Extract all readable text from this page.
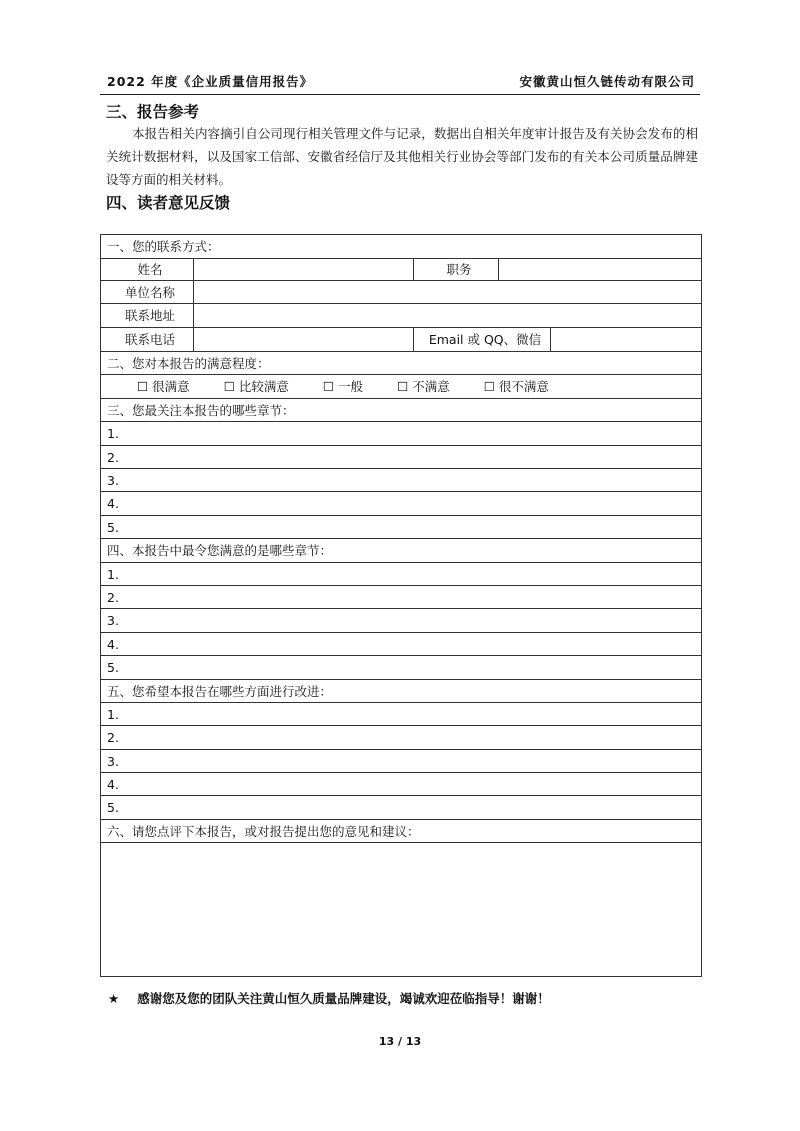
2022 年度《企业质量信用报告》	安徽黄山恒久链传动有限公司
三、报告参考
本报告相关内容摘引自公司现行相关管理文件与记录，数据出自相关年度审计报告及有关协会发布的相关统计数据材料，以及国家工信部、安徽省经信厅及其他相关行业协会等部门发布的有关本公司质量品牌建设等方面的相关材料。
四、读者意见反馈
一、您的联系方式：				
姓名		职务		
单位名称				
联系地址				
联系电话		Email 或 QQ、微信		
二、您对本报告的满意程度：				
☐ 很满意 ☐ 比较满意 ☐ 一般 ☐ 不满意 ☐ 很不满意				
三、您最关注本报告的哪些章节：				
1.				
2.				
3.				
4.				
5.				
四、本报告中最令您满意的是哪些章节：				
1.				
2.				
3.				
4.				
5.				
五、您希望本报告在哪些方面进行改进：				
1.				
2.				
3.				
4.				
5.				
六、请您点评下本报告，或对报告提出您的意见和建议：				

★ 感谢您及您的团队关注黄山恒久质量品牌建设，竭诚欢迎莅临指导！谢谢！
13 / 13
